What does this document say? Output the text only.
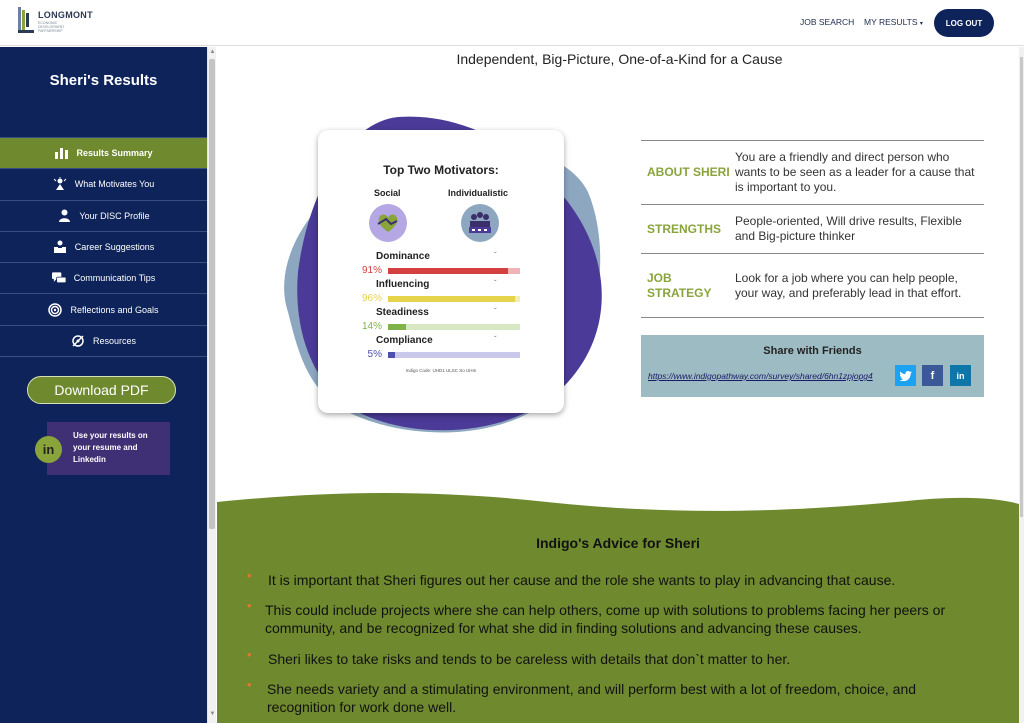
LONGMONT
ECONOMIC DEVELOPMENT PARTNERSHIP
JOB SEARCH MY RESULTS ▾	LOG OUT
Sheri's Results
Results Summary
What Motivates You
Your DISC Profile
Career Suggestions
Communication Tips
Reflections and Goals
Resources
Download PDF
in
Use your results on your resume and Linkedin
▲
▼
Independent, Big-Picture, One-of-a-Kind for a Cause
Top Two Motivators:
Social	Individualistic
Dominance	ˇ
91%
Influencing	ˇ
96%
Steadiness	ˇ
14%
Compliance	ˇ
5%
Indigo Code: UHD1 ULSC So UHIn
ABOUT SHERI
You are a friendly and direct person who wants to be seen as a leader for a cause that is important to you.
STRENGTHS
People-oriented, Will drive results, Flexible and Big-picture thinker
JOB STRATEGY
Look for a job where you can help people, your way, and preferably lead in that effort.
Share with Friends
https://www.indigopathway.com/survey/shared/6hn1zpjopg4	f in
Indigo's Advice for Sheri
• It is important that Sheri figures out her cause and the role she wants to play in advancing that cause.
• This could include projects where she can help others, come up with solutions to problems facing her peers or community, and be recognized for what she did in finding solutions and advancing these causes.
• Sheri likes to take risks and tends to be careless with details that don`t matter to her.
• She needs variety and a stimulating environment, and will perform best with a lot of freedom, choice, and recognition for work done well.
